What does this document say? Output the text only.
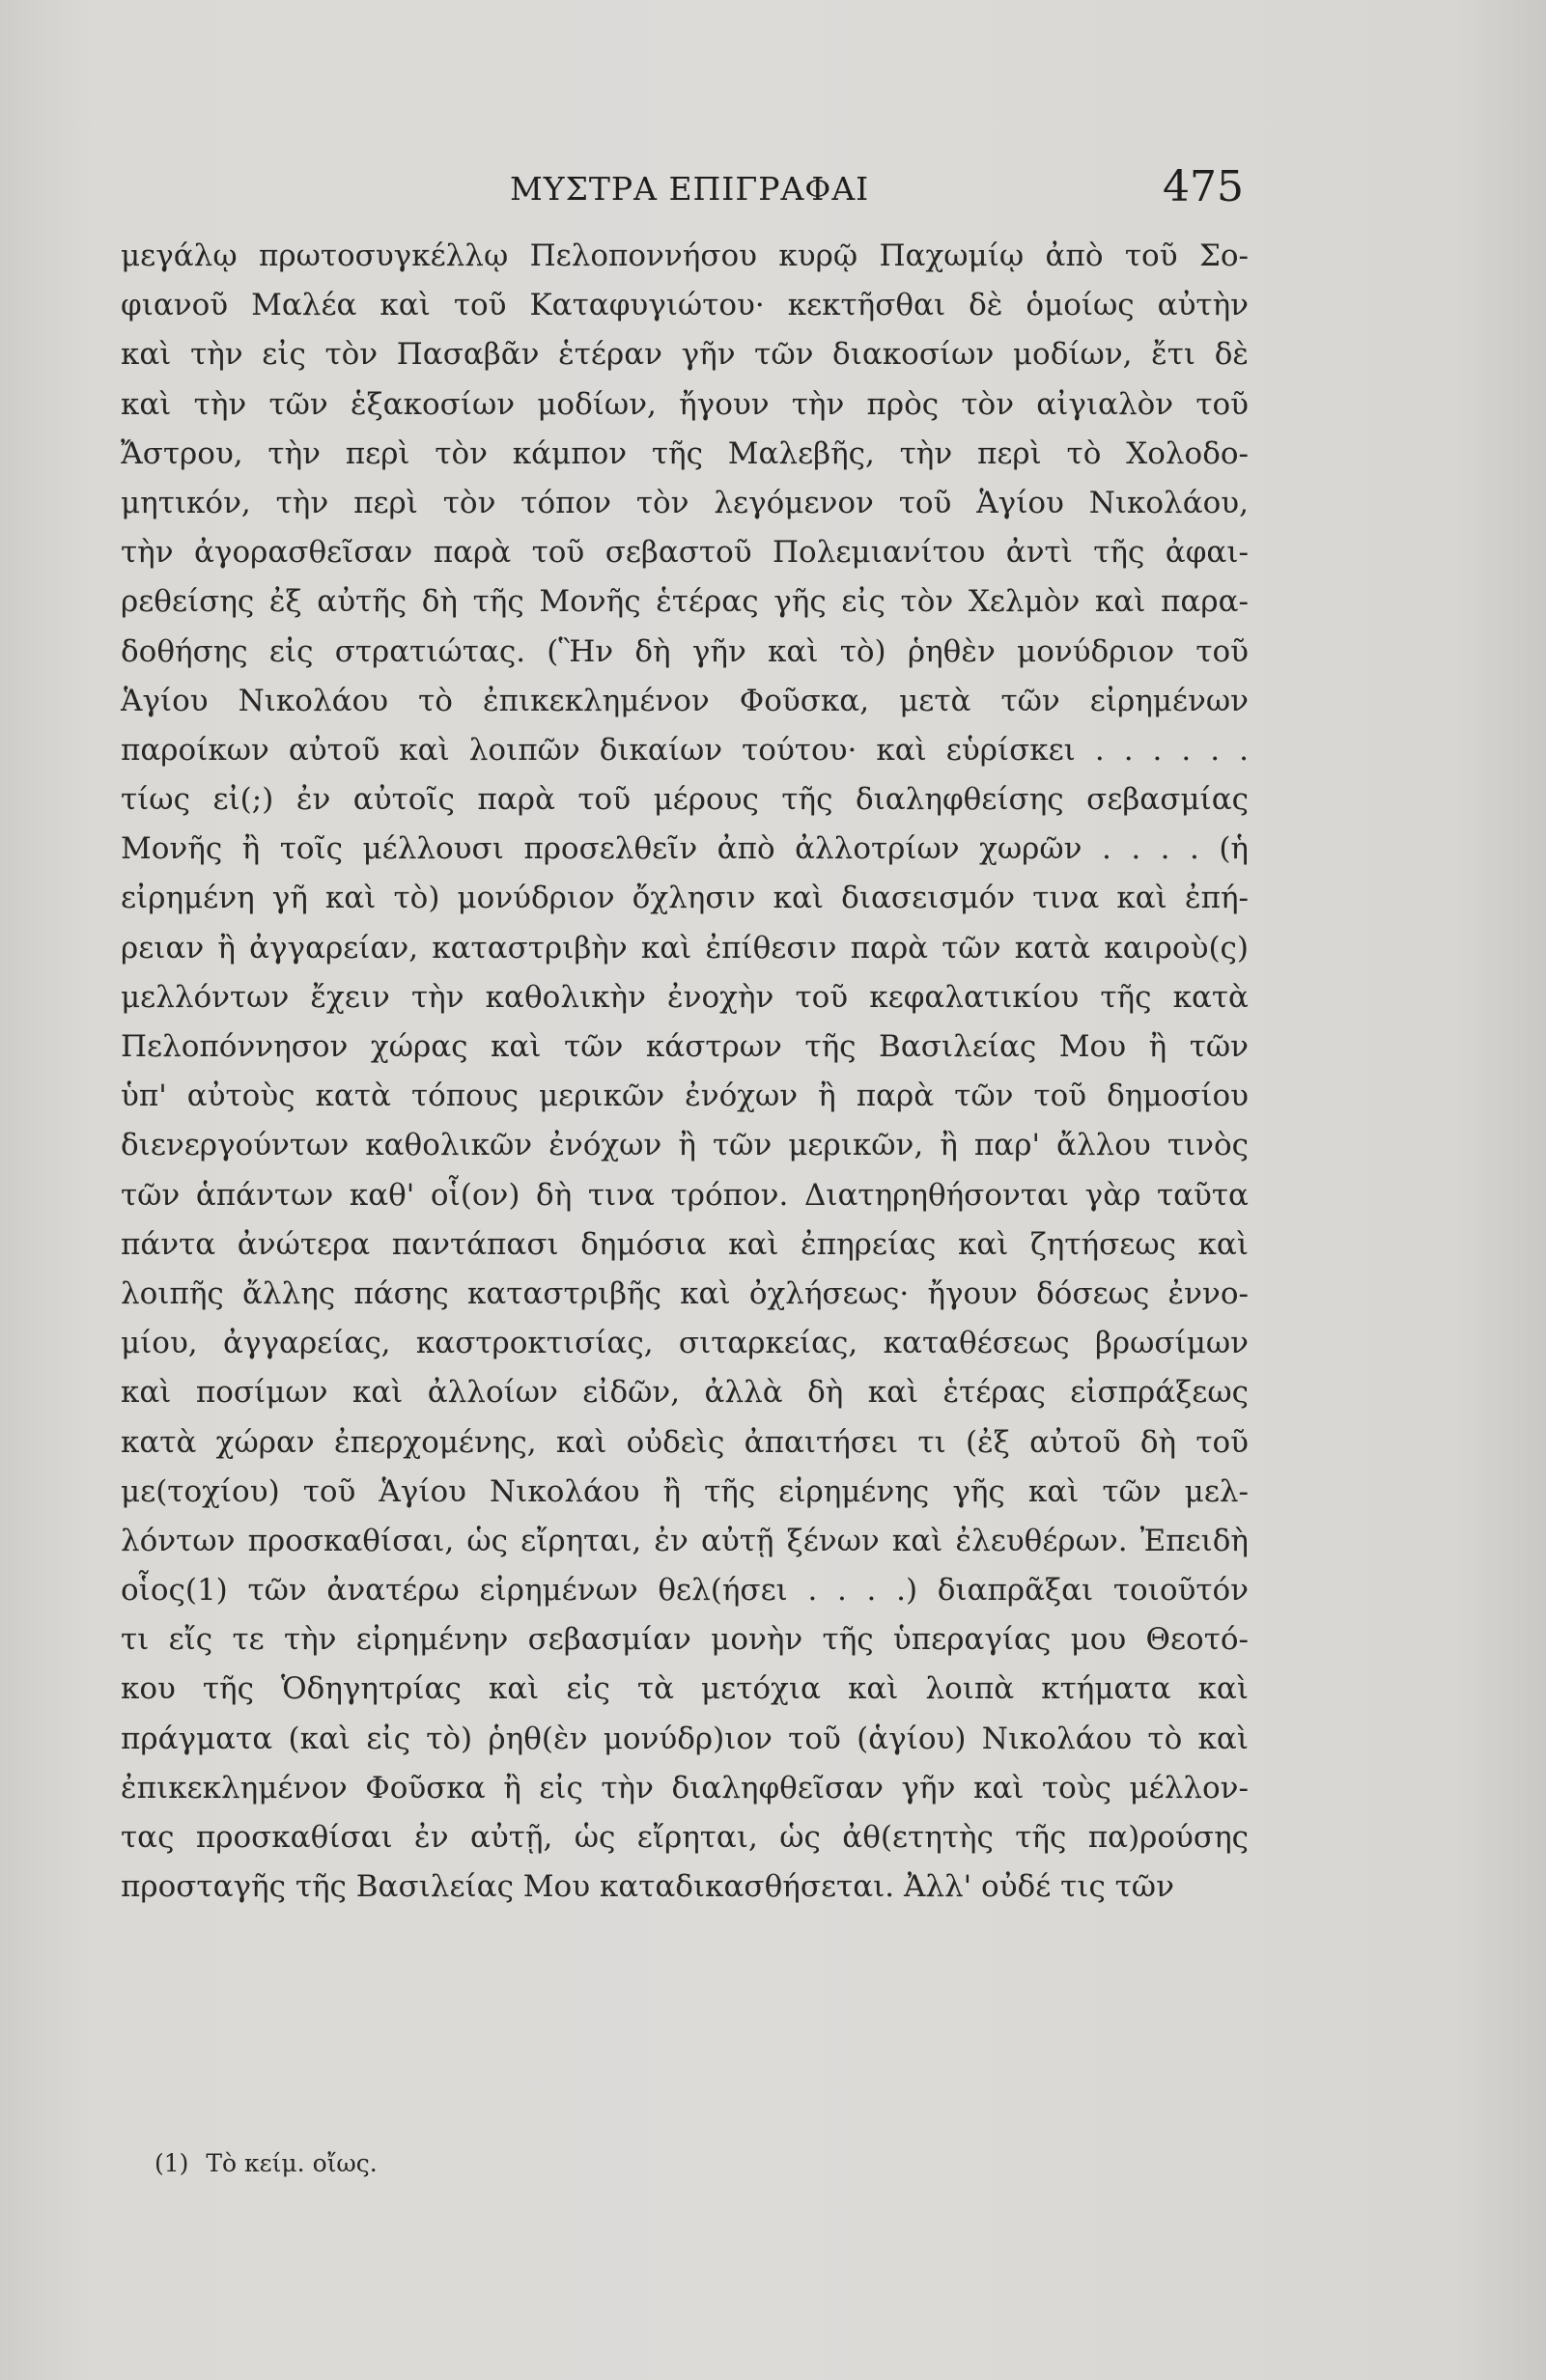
ΜΥΣΤΡΑ ΕΠΙΓΡΑΦΑΙ	475
μεγάλῳ πρωτοσυγκέλλῳ Πελοποννήσου κυρῷ Παχωμίῳ ἀπὸ τοῦ Σο-
φιανοῦ Μαλέα καὶ τοῦ Καταφυγιώτου· κεκτῆσθαι δὲ ὁμοίως αὐτὴν
καὶ τὴν εἰς τὸν Πασαβᾶν ἑτέραν γῆν τῶν διακοσίων μοδίων, ἔτι δὲ
καὶ τὴν τῶν ἑξακοσίων μοδίων, ἤγουν τὴν πρὸς τὸν αἰγιαλὸν τοῦ
Ἄστρου, τὴν περὶ τὸν κάμπον τῆς Μαλεβῆς, τὴν περὶ τὸ Χολοδο-
μητικόν, τὴν περὶ τὸν τόπον τὸν λεγόμενον τοῦ Ἁγίου Νικολάου,
τὴν ἀγορασθεῖσαν παρὰ τοῦ σεβαστοῦ Πολεμιανίτου ἀντὶ τῆς ἀφαι-
ρεθείσης ἐξ αὐτῆς δὴ τῆς Μονῆς ἑτέρας γῆς εἰς τὸν Χελμὸν καὶ παρα-
δοθήσης εἰς στρατιώτας. (Ἣν δὴ γῆν καὶ τὸ) ῥηθὲν μονύδριον τοῦ
Ἁγίου Νικολάου τὸ ἐπικεκλημένον Φοῦσκα, μετὰ τῶν εἰρημένων
παροίκων αὐτοῦ καὶ λοιπῶν δικαίων τούτου· καὶ εὑρίσκει . . . . . .
τίως εἰ(;) ἐν αὐτοῖς παρὰ τοῦ μέρους τῆς διαληφθείσης σεβασμίας
Μονῆς ἢ τοῖς μέλλουσι προσελθεῖν ἀπὸ ἀλλοτρίων χωρῶν . . . . (ἡ
εἰρημένη γῆ καὶ τὸ) μονύδριον ὄχλησιν καὶ διασεισμόν τινα καὶ ἐπή-
ρειαν ἢ ἀγγαρείαν, καταστριβὴν καὶ ἐπίθεσιν παρὰ τῶν κατὰ καιροὺ(ς)
μελλόντων ἔχειν τὴν καθολικὴν ἐνοχὴν τοῦ κεφαλατικίου τῆς κατὰ
Πελοπόννησον χώρας καὶ τῶν κάστρων τῆς Βασιλείας Μου ἢ τῶν
ὑπ' αὐτοὺς κατὰ τόπους μερικῶν ἐνόχων ἢ παρὰ τῶν τοῦ δημοσίου
διενεργούντων καθολικῶν ἐνόχων ἢ τῶν μερικῶν, ἢ παρ' ἄλλου τινὸς
τῶν ἁπάντων καθ' οἷ(ον) δὴ τινα τρόπον. Διατηρηθήσονται γὰρ ταῦτα
πάντα ἀνώτερα παντάπασι δημόσια καὶ ἐπηρείας καὶ ζητήσεως καὶ
λοιπῆς ἄλλης πάσης καταστριβῆς καὶ ὀχλήσεως· ἤγουν δόσεως ἐννο-
μίου, ἀγγαρείας, καστροκτισίας, σιταρκείας, καταθέσεως βρωσίμων
καὶ ποσίμων καὶ ἀλλοίων εἰδῶν, ἀλλὰ δὴ καὶ ἑτέρας εἰσπράξεως
κατὰ χώραν ἐπερχομένης, καὶ οὐδεὶς ἀπαιτήσει τι (ἐξ αὐτοῦ δὴ τοῦ
με(τοχίου) τοῦ Ἁγίου Νικολάου ἢ τῆς εἰρημένης γῆς καὶ τῶν μελ-
λόντων προσκαθίσαι, ὡς εἴρηται, ἐν αὐτῇ ξένων καὶ ἐλευθέρων. Ἐπειδὴ
οἷος(1) τῶν ἀνατέρω εἰρημένων θελ(ήσει . . . .) διαπρᾶξαι τοιοῦτόν
τι εἴς τε τὴν εἰρημένην σεβασμίαν μονὴν τῆς ὑπεραγίας μου Θεοτό-
κου τῆς Ὁδηγητρίας καὶ εἰς τὰ μετόχια καὶ λοιπὰ κτήματα καὶ
πράγματα (καὶ εἰς τὸ) ῥηθ(ὲν μονύδρ)ιον τοῦ (ἁγίου) Νικολάου τὸ καὶ
ἐπικεκλημένον Φοῦσκα ἢ εἰς τὴν διαληφθεῖσαν γῆν καὶ τοὺς μέλλον-
τας προσκαθίσαι ἐν αὐτῇ, ὡς εἴρηται, ὡς ἀθ(ετητὴς τῆς πα)ρούσης
προσταγῆς τῆς Βασιλείας Μου καταδικασθήσεται. Ἀλλ' οὐδέ τις τῶν
(1) Τὸ κείμ. οἴως.
